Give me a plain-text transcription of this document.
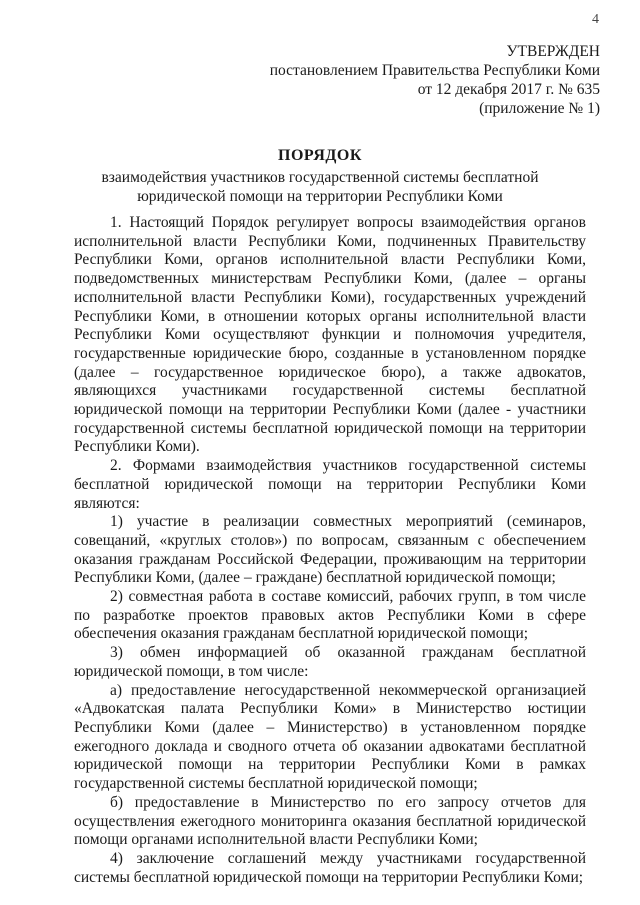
4
УТВЕРЖДЕН
постановлением Правительства Республики Коми
от 12 декабря 2017 г. № 635
(приложение № 1)
ПОРЯДОК
взаимодействия участников государственной системы бесплатной
юридической помощи на территории Республики Коми

1. Настоящий Порядок регулирует вопросы взаимодействия органов исполнительной власти Республики Коми, подчиненных Правительству Республики Коми, органов исполнительной власти Республики Коми, подведомственных министерствам Республики Коми, (далее – органы исполнительной власти Республики Коми), государственных учреждений Республики Коми, в отношении которых органы исполнительной власти Республики Коми осуществляют функции и полномочия учредителя, государственные юридические бюро, созданные в установленном порядке (далее – государственное юридическое бюро), а также адвокатов, являющихся участниками государственной системы бесплатной юридической помощи на территории Республики Коми (далее - участники государственной системы бесплатной юридической помощи на территории Республики Коми).

2. Формами взаимодействия участников государственной системы бесплатной юридической помощи на территории Республики Коми являются:

1) участие в реализации совместных мероприятий (семинаров, совещаний, «круглых столов») по вопросам, связанным с обеспечением оказания гражданам Российской Федерации, проживающим на территории Республики Коми, (далее – граждане) бесплатной юридической помощи;

2) совместная работа в составе комиссий, рабочих групп, в том числе по разработке проектов правовых актов Республики Коми в сфере обеспечения оказания гражданам бесплатной юридической помощи;

3) обмен информацией об оказанной гражданам бесплатной юридической помощи, в том числе:

а) предоставление негосударственной некоммерческой организацией «Адвокатская палата Республики Коми» в Министерство юстиции Республики Коми (далее – Министерство) в установленном порядке ежегодного доклада и сводного отчета об оказании адвокатами бесплатной юридической помощи на территории Республики Коми в рамках государственной системы бесплатной юридической помощи;

б) предоставление в Министерство по его запросу отчетов для осуществления ежегодного мониторинга оказания бесплатной юридической помощи органами исполнительной власти Республики Коми;

4) заключение соглашений между участниками государственной системы бесплатной юридической помощи на территории Республики Коми;
